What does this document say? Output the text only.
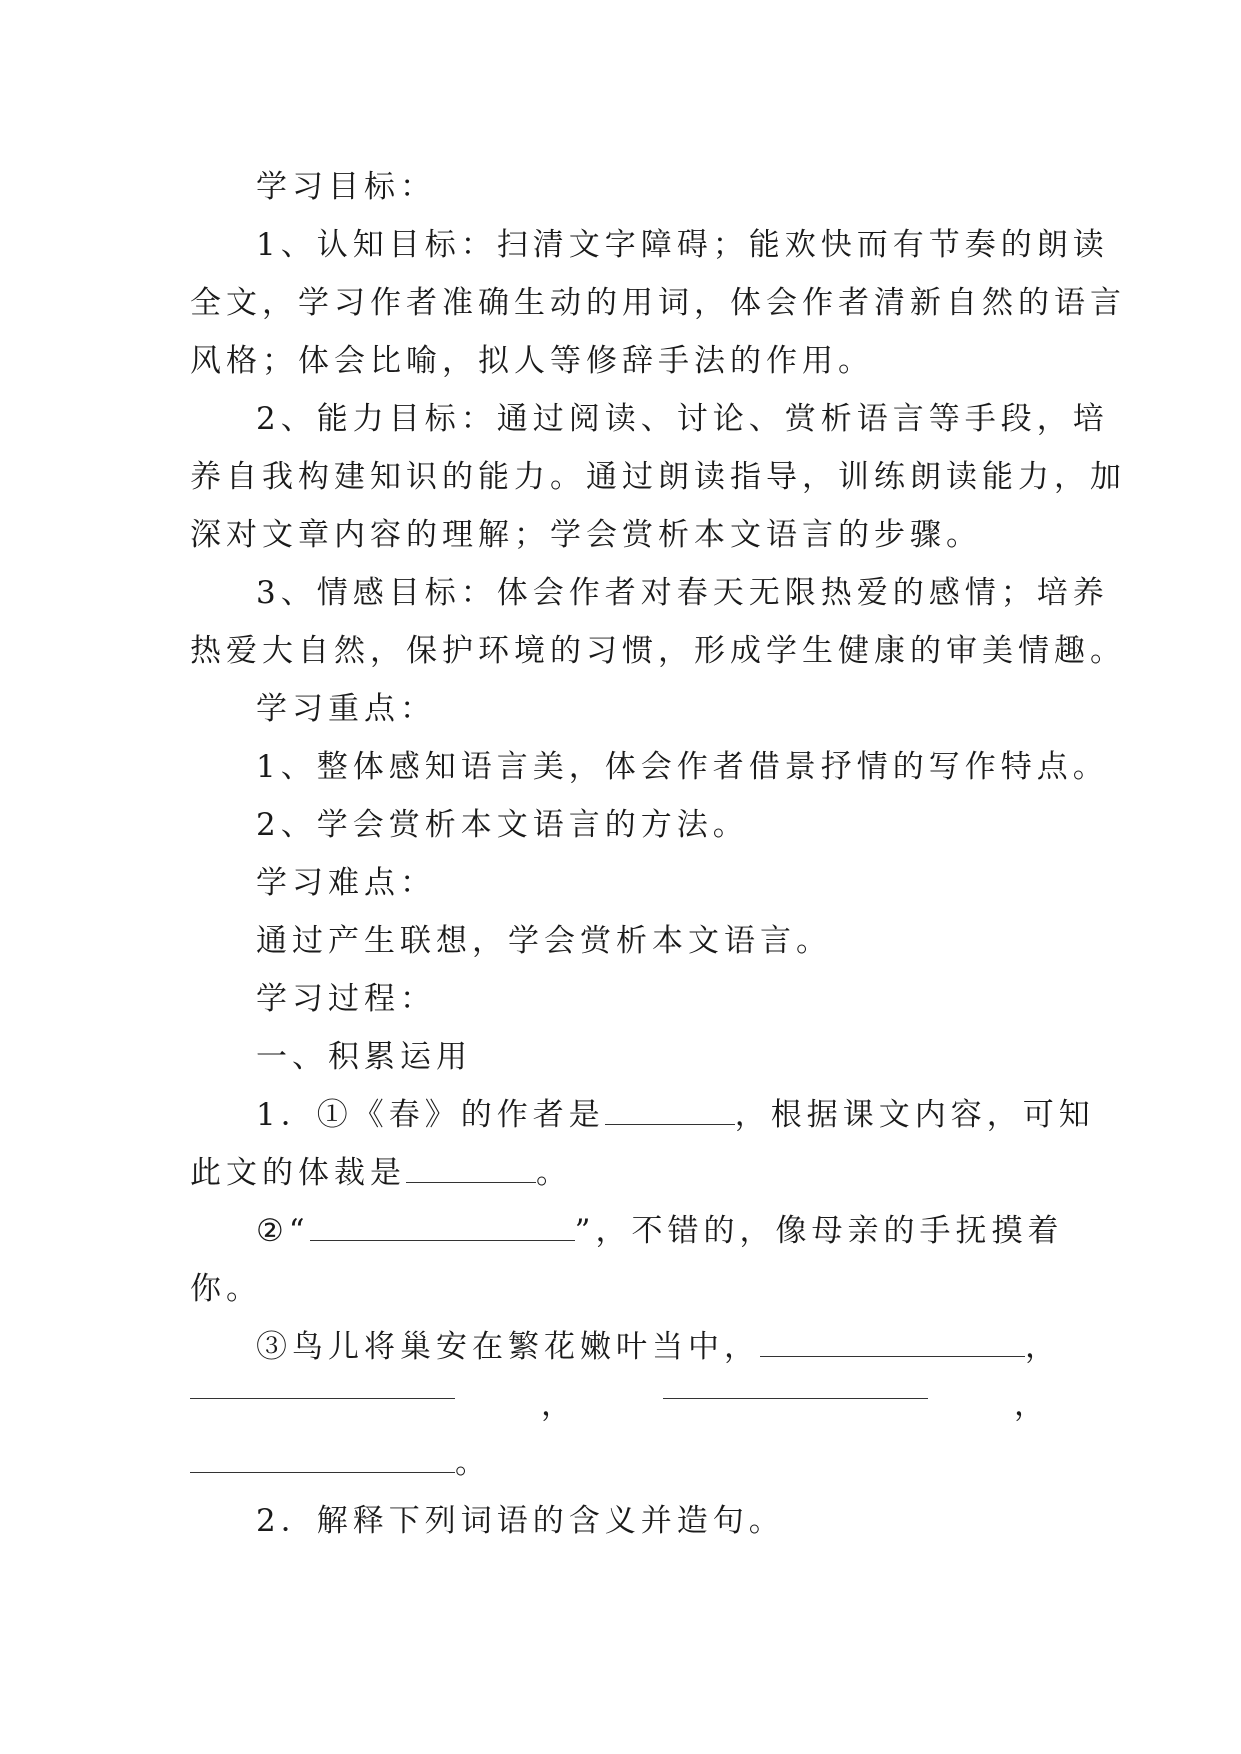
学习目标：
1、认知目标：扫清文字障碍；能欢快而有节奏的朗读
全文，学习作者准确生动的用词，体会作者清新自然的语言
风格；体会比喻，拟人等修辞手法的作用。
2、能力目标：通过阅读、讨论、赏析语言等手段，培
养自我构建知识的能力。通过朗读指导，训练朗读能力，加
深对文章内容的理解；学会赏析本文语言的步骤。
3、情感目标：体会作者对春天无限热爱的感情；培养
热爱大自然，保护环境的习惯，形成学生健康的审美情趣。
学习重点：
1、整体感知语言美，体会作者借景抒情的写作特点。
2、学会赏析本文语言的方法。
学习难点：
通过产生联想，学会赏析本文语言。
学习过程：
一、积累运用
1．①《春》的作者是	，根据课文内容，可知
此文的体裁是	。
②“	”，不错的，像母亲的手抚摸着
你。
③鸟儿将巢安在繁花嫩叶当中，	，
，	，
。
2．解释下列词语的含义并造句。
